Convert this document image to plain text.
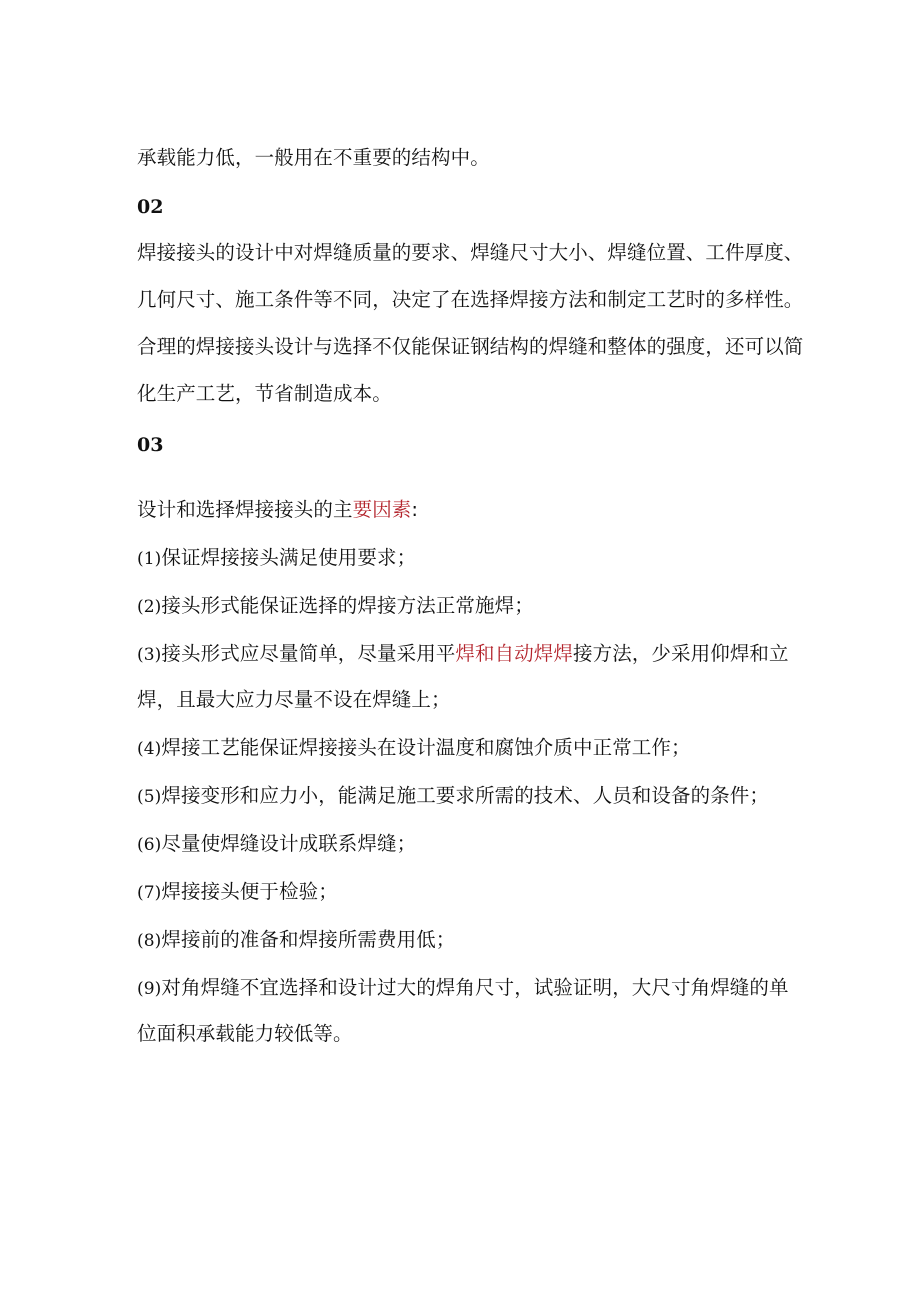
承载能力低，一般用在不重要的结构中。

02

焊接接头的设计中对焊缝质量的要求、焊缝尺寸大小、焊缝位置、工件厚度、

几何尺寸、施工条件等不同，决定了在选择焊接方法和制定工艺时的多样性。

合理的焊接接头设计与选择不仅能保证钢结构的焊缝和整体的强度，还可以简

化生产工艺，节省制造成本。

03

设计和选择焊接接头的主要因素:

(1)保证焊接接头满足使用要求；

(2)接头形式能保证选择的焊接方法正常施焊；

(3)接头形式应尽量简单，尽量采用平焊和自动焊焊接方法，少采用仰焊和立

焊，且最大应力尽量不设在焊缝上；

(4)焊接工艺能保证焊接接头在设计温度和腐蚀介质中正常工作；

(5)焊接变形和应力小，能满足施工要求所需的技术、人员和设备的条件；

(6)尽量使焊缝设计成联系焊缝；

(7)焊接接头便于检验；

(8)焊接前的准备和焊接所需费用低；

(9)对角焊缝不宜选择和设计过大的焊角尺寸，试验证明，大尺寸角焊缝的单

位面积承载能力较低等。
